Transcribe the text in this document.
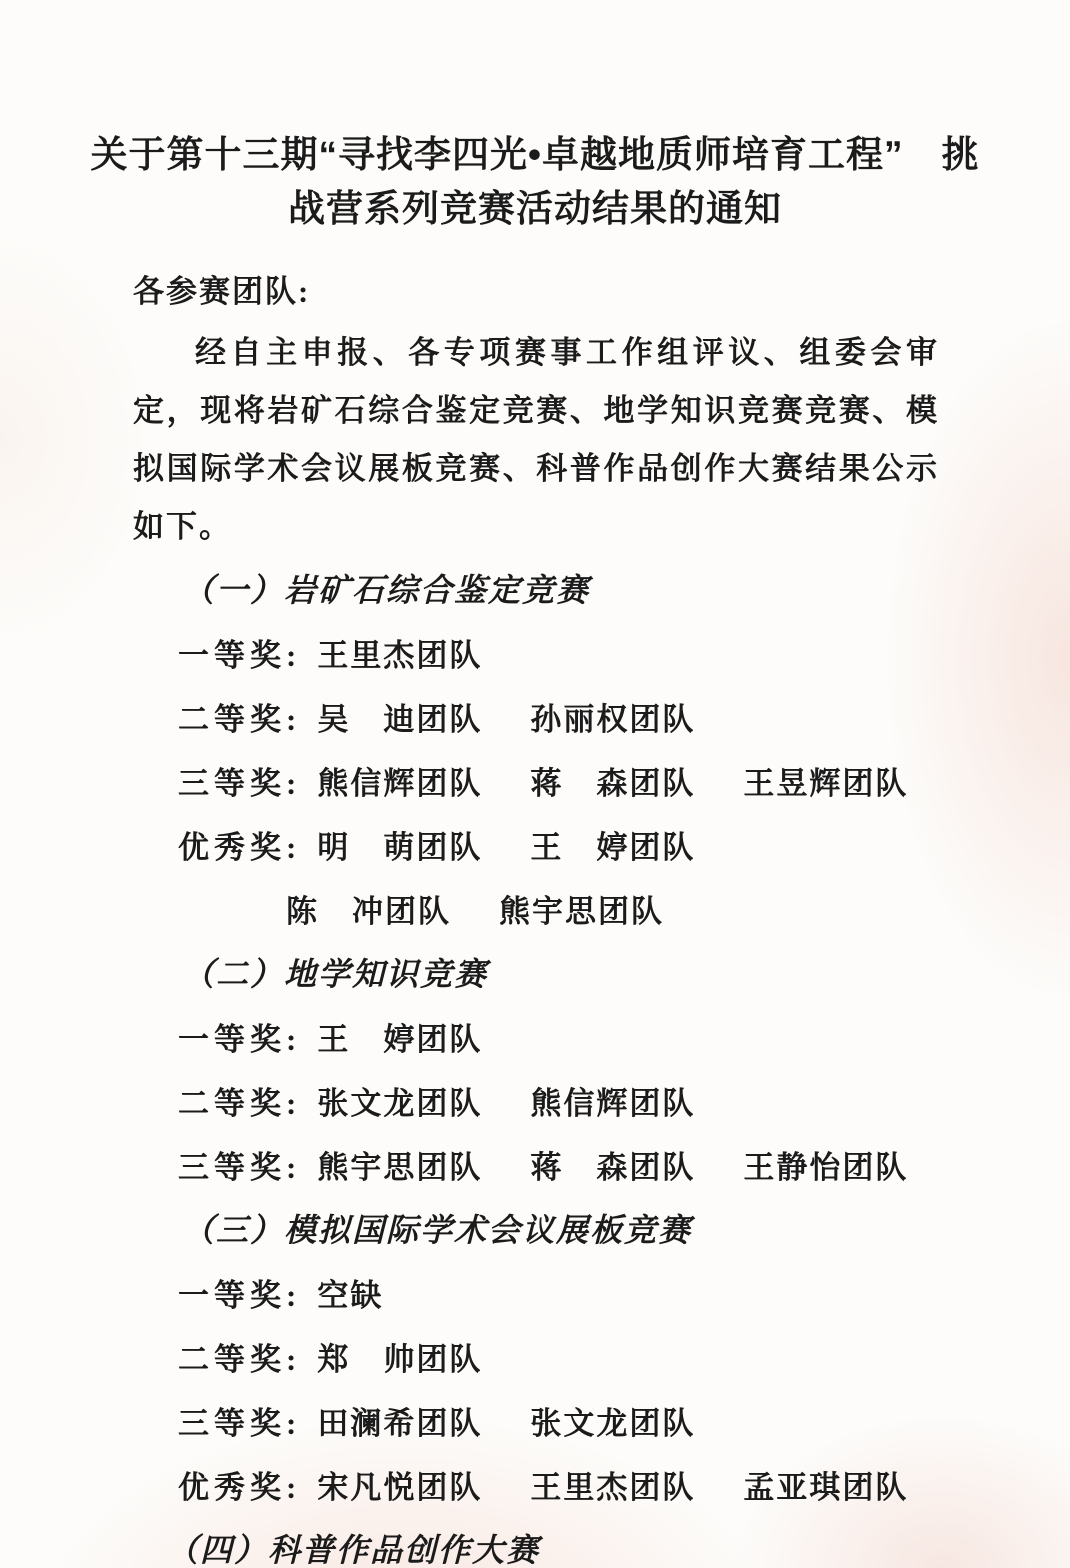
关于第十三期“寻找李四光•卓越地质师培育工程”　挑
战营系列竞赛活动结果的通知
各参赛团队:

经自主申报、各专项赛事工作组评议、组委会审定，现将岩矿石综合鉴定竞赛、地学知识竞赛竞赛、模拟国际学术会议展板竞赛、科普作品创作大赛结果公示如下。

（一）岩矿石综合鉴定竞赛
一等奖: 王里杰团队
二等奖: 吴　迪团队 孙丽权团队
三等奖: 熊信辉团队 蒋　森团队 王昱辉团队
优秀奖: 明　萌团队 王　婷团队
陈　冲团队 熊宇思团队
（二）地学知识竞赛
一等奖: 王　婷团队
二等奖: 张文龙团队 熊信辉团队
三等奖: 熊宇思团队 蒋　森团队 王静怡团队
（三）模拟国际学术会议展板竞赛
一等奖: 空缺
二等奖: 郑　帅团队
三等奖: 田澜希团队 张文龙团队
优秀奖: 宋凡悦团队 王里杰团队 孟亚琪团队
（四）科普作品创作大赛
